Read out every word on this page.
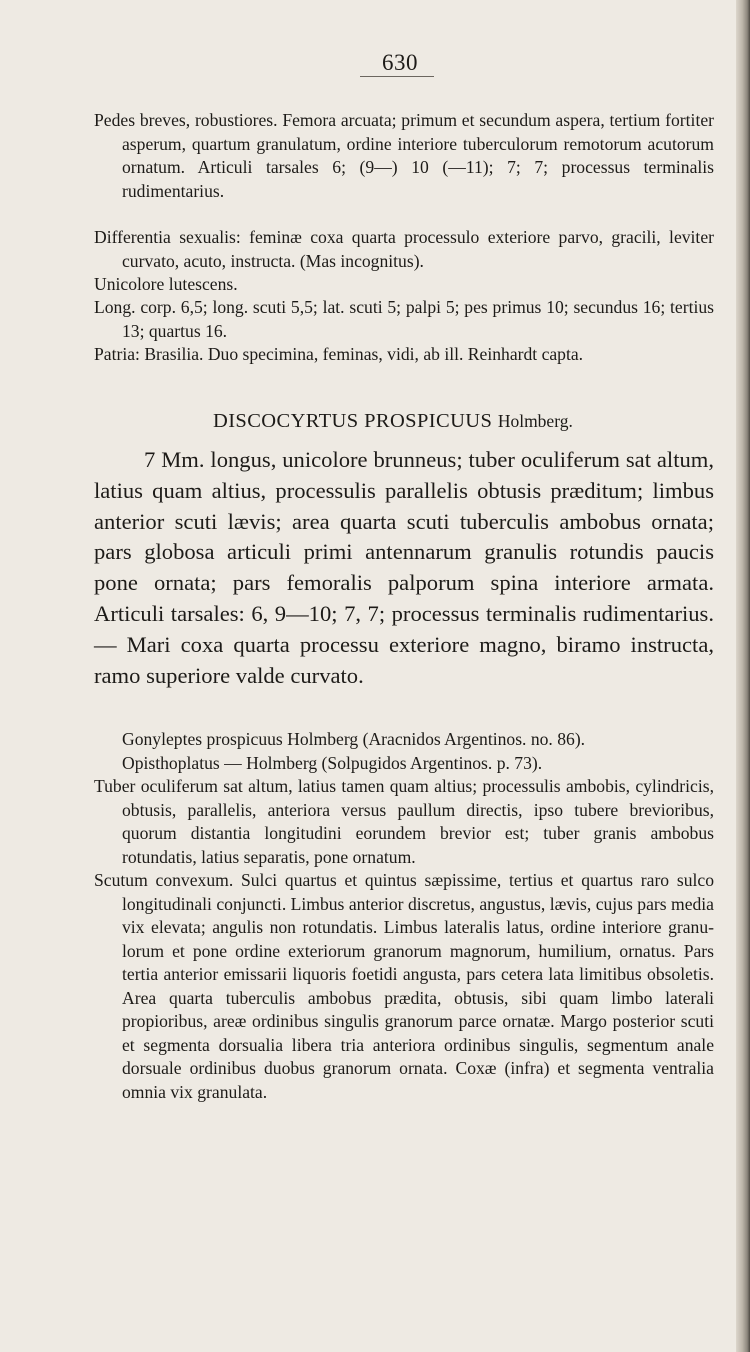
630

Pedes breves, robustiores. Femora arcuata; primum et secundum aspera, tertium fortiter asperum, quartum granulatum, ordine interiore tuberculorum remotorum acutorum ornatum. Articuli tarsales 6; (9—) 10 (—11); 7; 7; processus terminalis rudimentarius.

Differentia sexualis: feminæ coxa quarta processulo exteriore parvo, gracili, leviter curvato, acuto, instructa. (Mas incognitus).

Unicolore lutescens.

Long. corp. 6,5; long. scuti 5,5; lat. scuti 5; palpi 5; pes primus 10; secundus 16; tertius 13; quartus 16.

Patria: Brasilia. Duo specimina, feminas, vidi, ab ill. Reinhardt capta.

DISCOCYRTUS PROSPICUUS Holmberg.

7 Mm. longus, unicolore brunneus; tuber oculiferum sat altum, latius quam altius, processulis parallelis obtusis præditum; limbus anterior scuti lævis; area quarta scuti tuberculis ambobus ornata; pars globosa articuli primi antennarum granulis rotundis paucis pone ornata; pars femoralis palporum spina interiore armata. Articuli tarsales: 6, 9—10; 7, 7; processus terminalis rudimentarius. — Mari coxa quarta processu exteriore magno, biramo instructa, ramo superiore valde curvato.

Gonyleptes prospicuus Holmberg (Aracnidos Argentinos. no. 86).
Opisthoplatus — Holmberg (Solpugidos Argentinos. p. 73).

Tuber oculiferum sat altum, latius tamen quam altius; processulis ambobis, cylindricis, obtusis, parallelis, anteriora versus paullum directis, ipso tubere brevioribus, quorum distantia longitudini eorundem brevior est; tuber granis ambobus rotundatis, latius separatis, pone ornatum.

Scutum convexum. Sulci quartus et quintus sæpissime, tertius et quartus raro sulco longitudinali conjuncti. Limbus anterior discretus, angustus, lævis, cujus pars media vix elevata; angulis non rotundatis. Limbus lateralis latus, ordine interiore granulorum et pone ordine exteriorum granorum magnorum, humilium, ornatus. Pars tertia anterior emissarii liquoris foetidi angusta, pars cetera lata limitibus obsoletis. Area quarta tuberculis ambobus prædita, obtusis, sibi quam limbo laterali propioribus, areæ ordinibus singulis granorum parce ornatæ. Margo posterior scuti et segmenta dorsualia libera tria anteriora ordinibus singulis, segmentum anale dorsuale ordinibus duobus granorum ornata. Coxæ (infra) et segmenta ventralia omnia vix granulata.
